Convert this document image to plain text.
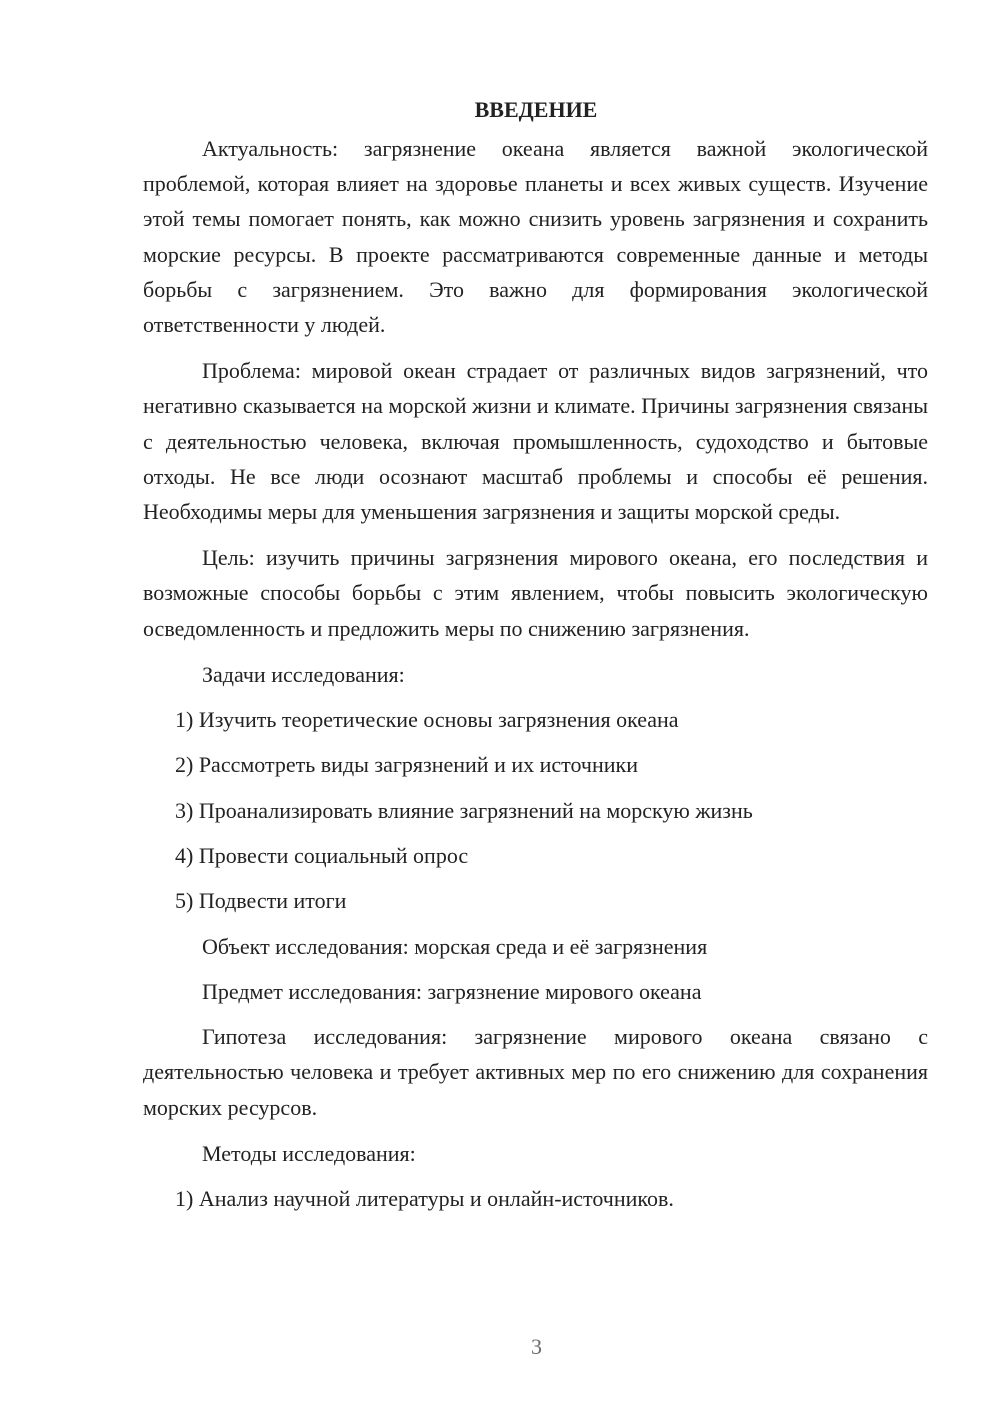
ВВЕДЕНИЕ

Актуальность: загрязнение океана является важной экологической проблемой, которая влияет на здоровье планеты и всех живых существ. Изучение этой темы помогает понять, как можно снизить уровень загрязнения и сохранить морские ресурсы. В проекте рассматриваются современные данные и методы борьбы с загрязнением. Это важно для формирования экологической ответственности у людей.

Проблема: мировой океан страдает от различных видов загрязнений, что негативно сказывается на морской жизни и климате. Причины загрязнения связаны с деятельностью человека, включая промышленность, судоходство и бытовые отходы. Не все люди осознают масштаб проблемы и способы её решения. Необходимы меры для уменьшения загрязнения и защиты морской среды.

Цель: изучить причины загрязнения мирового океана, его последствия и возможные способы борьбы с этим явлением, чтобы повысить экологическую осведомленность и предложить меры по снижению загрязнения.

Задачи исследования:
1) Изучить теоретические основы загрязнения океана
2) Рассмотреть виды загрязнений и их источники
3) Проанализировать влияние загрязнений на морскую жизнь
4) Провести социальный опрос
5) Подвести итоги
Объект исследования: морская среда и её загрязнения
Предмет исследования: загрязнение мирового океана

Гипотеза исследования: загрязнение мирового океана связано с деятельностью человека и требует активных мер по его снижению для сохранения морских ресурсов.

Методы исследования:
1) Анализ научной литературы и онлайн-источников.
3
